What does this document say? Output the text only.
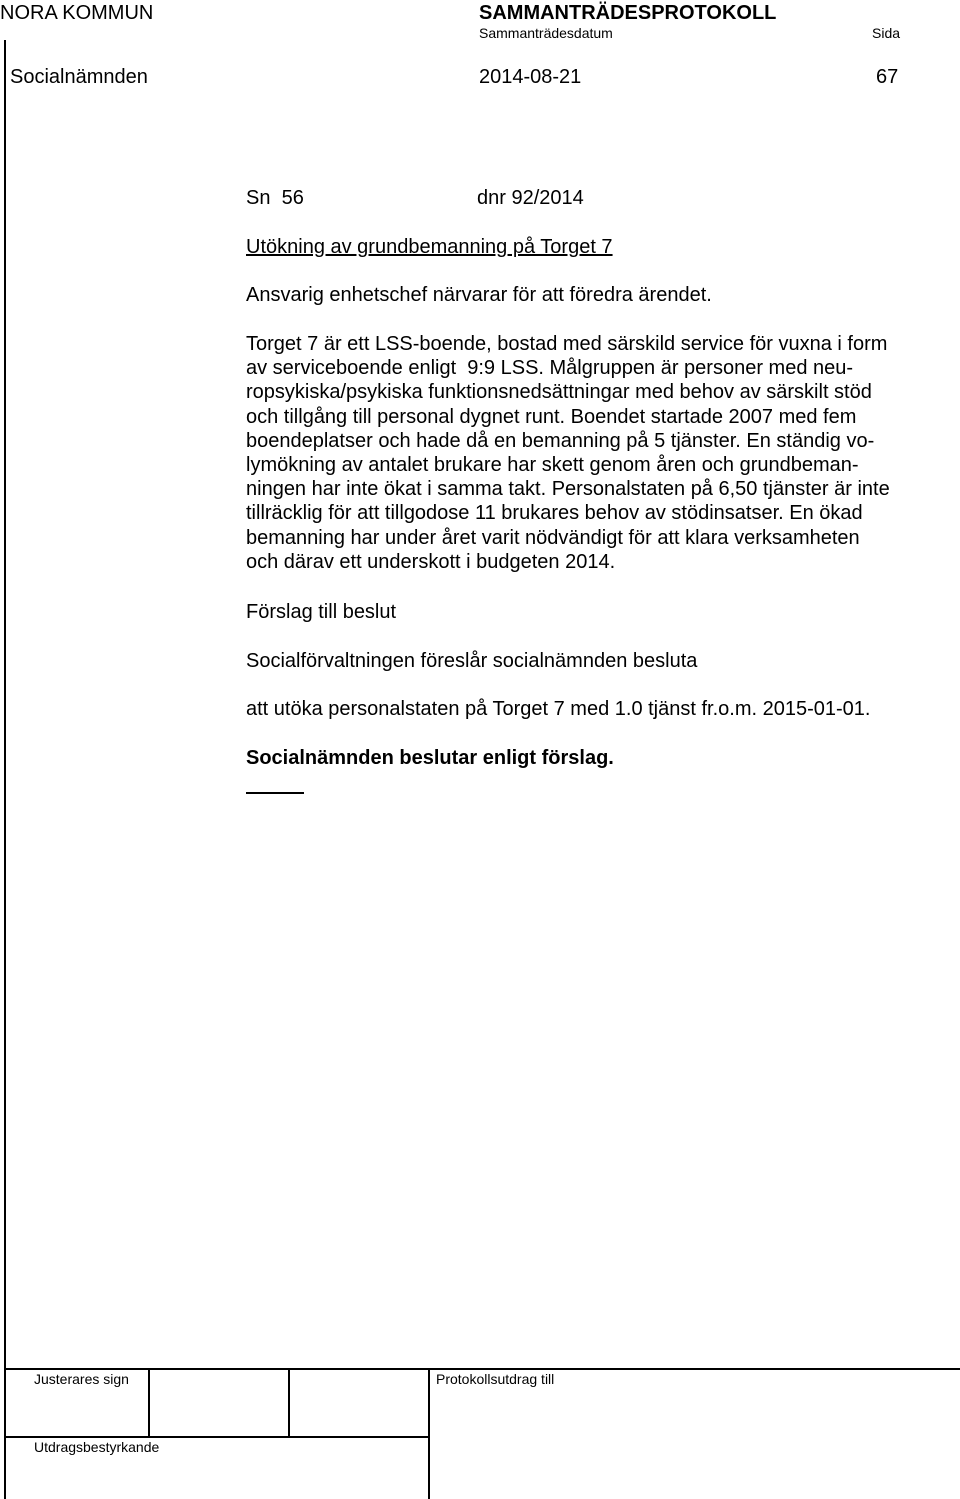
NORA KOMMUN	SAMMANTRÄDESPROTOKOLL
Sammanträdesdatum	Sida
Socialnämnden	2014-08-21	67
Sn  56	dnr 92/2014
Utökning av grundbemanning på Torget 7
Ansvarig enhetschef närvarar för att föredra ärendet.
Torget 7 är ett LSS-boende, bostad med särskild service för vuxna i form
av serviceboende enligt  9:9 LSS. Målgruppen är personer med neu-
ropsykiska/psykiska funktionsnedsättningar med behov av särskilt stöd
och tillgång till personal dygnet runt. Boendet startade 2007 med fem
boendeplatser och hade då en bemanning på 5 tjänster. En ständig vo-
lymökning av antalet brukare har skett genom åren och grundbeman-
ningen har inte ökat i samma takt. Personalstaten på 6,50 tjänster är inte
tillräcklig för att tillgodose 11 brukares behov av stödinsatser. En ökad
bemanning har under året varit nödvändigt för att klara verksamheten
och därav ett underskott i budgeten 2014.
Förslag till beslut
Socialförvaltningen föreslår socialnämnden besluta
att utöka personalstaten på Torget 7 med 1.0 tjänst fr.o.m. 2015-01-01.
Socialnämnden beslutar enligt förslag.
Justerares sign	Protokollsutdrag till
Utdragsbestyrkande
